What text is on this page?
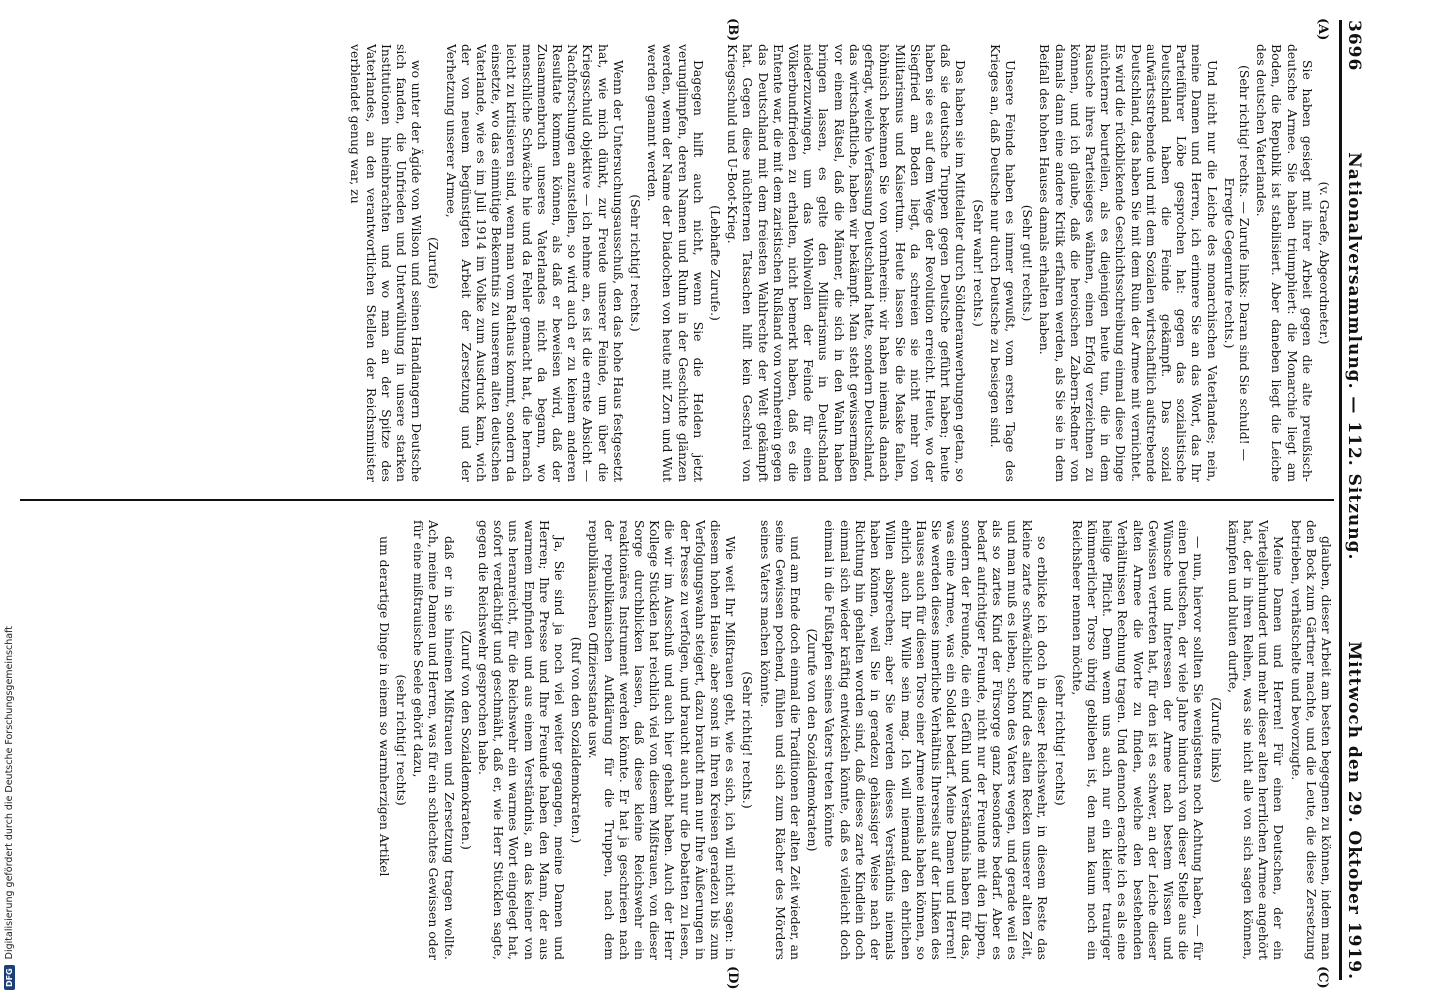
3696
Nationalversammlung. — 112. Sitzung.
Mittwoch den 29. Oktober 1919.
(A)
(B)
(C)
(D)

(v. Graefe, Abgeordneter.)

Sie haben gesiegt mit ihrer Arbeit gegen die alte preußisch-deutsche Armee. Sie haben triumphiert: die Monarchie liegt am Boden, die Republik ist stabilisiert. Aber daneben liegt die Leiche des deutschen Vaterlandes.

(Sehr richtig! rechts. — Zurufe links: Daran sind Sie schuld! — Erregte Gegenrufe rechts.)

Und nicht nur die Leiche des monarchischen Vaterlandes; nein, meine Damen und Herren, ich erinnere Sie an das Wort, das Ihr Parteiführer Löbe gesprochen hat: gegen das sozialistische Deutschland haben die Feinde gekämpft. Das sozial aufwärtsstrebende und mit dem Sozialen wirtschaftlich aufstrebende Deutschland, das haben Sie mit dem Ruin der Armee mit vernichtet. Es wird die rückblickende Geschichtsschreibung einmal diese Dinge nüchterner beurteilen, als es diejenigen heute tun, die in dem Rausche ihres Parteisieges wähnen, einen Erfolg verzeichnen zu können, und ich glaube, daß die heroischen Zabern-Redner von damals dann eine andere Kritik erfahren werden, als Sie sie in dem Beifall des hohen Hauses damals erhalten haben.

(Sehr gut! rechts.)

Unsere Feinde haben es immer gewußt, vom ersten Tage des Krieges an, daß Deutsche nur durch Deutsche zu besiegen sind.

(Sehr wahr! rechts.)

Das haben sie im Mittelalter durch Söldneranwerbungen getan, so daß sie deutsche Truppen gegen Deutsche geführt haben; heute haben sie es auf dem Wege der Revolution erreicht. Heute, wo der Siegfried am Boden liegt, da schreien sie nicht mehr von Militarismus und Kaisertum. Heute lassen Sie die Maske fallen, höhnisch bekennen Sie von vornherein: wir haben niemals danach gefragt, welche Verfassung Deutschland hatte, sondern Deutschland, das wirtschaftliche, haben wir bekämpft. Man steht gewissermaßen vor einem Rätsel, daß die Männer, die sich in den Wahn haben bringen lassen, es gelte den Militarismus in Deutschland niederzuzwingen, um das Wohlwollen der Feinde für einen Völkerbundfrieden zu erhalten, nicht bemerkt haben, daß es die Entente war, die mit dem zaristischen Rußland von vornherein gegen das Deutschland mit dem freiesten Wahlrechte der Welt gekämpft hat. Gegen diese nüchternen Tatsachen hilft kein Geschrei von Kriegsschuld und U-Boot-Krieg.

(Lebhafte Zurufe.)

Dagegen hilft auch nicht, wenn Sie die Helden jetzt verunglimpfen, deren Namen und Ruhm in der Geschichte glänzen werden, wenn der Name der Diadochen von heute mit Zorn und Wut werden genannt werden.

(Sehr richtig! rechts.)

Wenn der Untersuchungsausschuß, den das hohe Haus festgesetzt hat, wie mich dünkt, zur Freude unserer Feinde, um über die Kriegsschuld objektive — ich nehme an, es ist die ernste Absicht — Nachforschungen anzustellen, so wird auch er zu keinem anderen Resultate kommen können, als daß er beweisen wird, daß der Zusammenbruch unseres Vaterlandes nicht da begann, wo menschliche Schwäche hie und da Fehler gemacht hat, die hernach leicht zu kritisieren sind, wenn man vom Rathaus kommt, sondern da einsetzte, wo das einmütige Bekenntnis zu unserem alten deutschen Vaterlande, wie es im Juli 1914 im Volke zum Ausdruck kam, wich der von neuem begünstigten Arbeit der Zersetzung und der Verhetzung unserer Armee,

(Zurufe)

wo unter der Ägide von Wilson und seinen Handlangern Deutsche sich fanden, die Unfrieden und Unterwühlung in unsere starken Institutionen hineinbrachten und wo man an der Spitze des Vaterlandes, an den verantwortlichen Stellen der Reichsminister verblendet genug war, zu

glauben, dieser Arbeit am besten begegnen zu können, indem man den Bock zum Gärtner machte, und die Leute, die diese Zersetzung betrieben, verhätschelte und bevorzugte.

Meine Damen und Herren! Für einen Deutschen, der ein Vierteljahrhundert und mehr dieser alten herrlichen Armee angehört hat, der in ihren Reihen, was sie nicht alle von sich sagen können, kämpfen und bluten durfte,

(Zurufe links)

— nun, hiervor sollten Sie wenigstens noch Achtung haben, — für einen Deutschen, der viele Jahre hindurch von dieser Stelle aus die Wünsche und Interessen der Armee nach bestem Wissen und Gewissen vertreten hat, für den ist es schwer, an der Leiche dieser alten Armee die Worte zu finden, welche den bestehenden Verhältnissen Rechnung tragen. Und dennoch erachte ich es als eine heilige Pflicht. Denn wenn uns auch nur ein kleiner trauriger kümmerlicher Torso übrig geblieben ist, den man kaum noch ein Reichsheer nennen möchte,

(sehr richtig! rechts)

so erblicke ich doch in dieser Reichswehr, in diesem Reste das kleine zarte schwächliche Kind des alten Recken unserer alten Zeit, und man muß es lieben, schon des Vaters wegen, und gerade weil es als so zartes Kind der Fürsorge ganz besonders bedarf. Aber es bedarf aufrichtiger Freunde, nicht nur der Freunde mit den Lippen, sondern der Freunde, die ein Gefühl und Verständnis haben für das, was eine Armee, was ein Soldat bedarf. Meine Damen und Herren! Sie werden dieses innerliche Verhältnis Ihrerseits auf der Linken des Hauses auch für diesen Torso einer Armee niemals haben können, so ehrlich auch Ihr Wille sein mag. Ich will niemand den ehrlichen Willen absprechen; aber Sie werden dieses Verständnis niemals haben können, weil Sie in geradezu gehässiger Weise nach der Richtung hin gehalten worden sind, daß dieses zarte Kindlein doch einmal sich wieder kräftig entwickeln könnte, daß es vielleicht doch einmal in die Fußtapfen seines Vaters treten könnte

(Zurufe von den Sozialdemokraten)

und am Ende doch einmal die Traditionen der alten Zeit wieder, an seine Gewissen pochend, fühlen und sich zum Rächer des Mörders seines Vaters machen könnte.

(Sehr richtig! rechts.)

Wie weit Ihr Mißtrauen geht, wie es sich, ich will nicht sagen: in diesem hohen Hause, aber sonst in Ihren Kreisen geradezu bis zum Verfolgungswahn steigert, dazu braucht man nur Ihre Äußerungen in der Presse zu verfolgen, und braucht auch nur die Debatten zu lesen, die wir im Ausschuß und auch hier gehabt haben. Auch der Herr Kollege Stücklen hat reichlich viel von diesem Mißtrauen, von dieser Sorge durchblicken lassen, daß diese kleine Reichswehr ein reaktionäres Instrument werden könnte. Er hat ja geschrieen nach der republikanischen Aufklärung für die Truppen, nach dem republikanischen Offiziersstande usw.

(Ruf von den Sozialdemokraten.)

Ja, Sie sind ja noch viel weiter gegangen, meine Damen und Herren; Ihre Presse und Ihre Freunde haben den Mann, der aus warmem Empfinden und aus einem Verständnis, an das keiner von uns heranreicht, für die Reichswehr ein warmes Wort eingelegt hat, sofort verdächtigt und geschmäht, daß er, wie Herr Stücklen sagte, gegen die Reichswehr gesprochen habe.

(Zuruf von den Sozialdemokraten.)

daß er in sie hineinen Mißtrauen und Zersetzung tragen wollte. Ach, meine Damen und Herren, was für ein schlechtes Gewissen oder für eine mißtrauische Seele gehört dazu,

(sehr richtig! rechts)

um derartige Dinge in einem so warmherzigen Artikel

DFG
Digitalisierung gefördert durch die Deutsche Forschungsgemeinschaft
